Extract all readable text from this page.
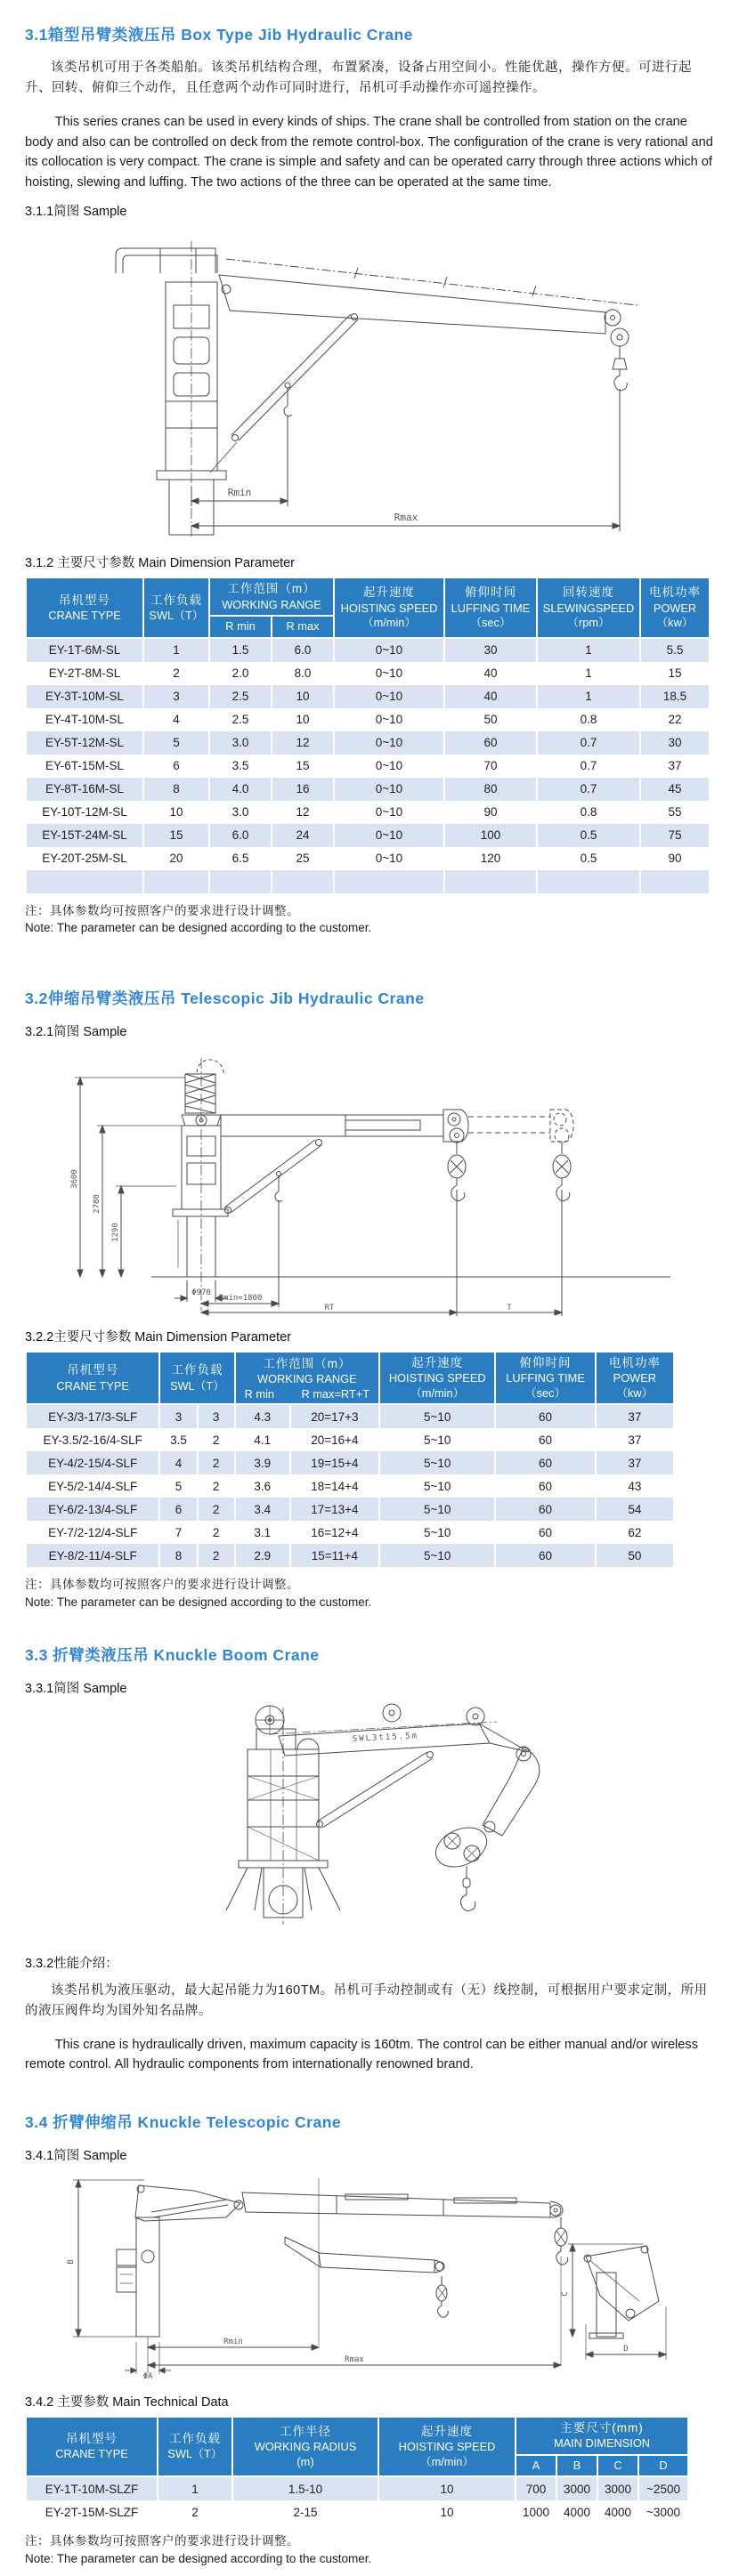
3.1箱型吊臂类液压吊 Box Type Jib Hydraulic Crane

该类吊机可用于各类船舶。该类吊机结构合理，布置紧凑，设备占用空间小。性能优越，操作方便。可进行起升、回转、俯仰三个动作，且任意两个动作可同时进行，吊机可手动操作亦可遥控操作。

This series cranes can be used in every kinds of ships. The crane shall be controlled from station on the crane body and also can be controlled on deck from the remote control-box. The configuration of the crane is very rational and its collocation is very compact. The crane is simple and safety and can be operated carry through three actions which of hoisting, slewing and luffing. The two actions of the three can be operated at the same time.

3.1.1简图 Sample
Rmin
Rmax
3.1.2 主要尺寸参数 Main Dimension Parameter
吊机型号
CRANE TYPE

工作负载
SWL（T）

工作范围（m）
WORKING RANGE

起升速度
HOISTING SPEED
（m/min）

俯仰时间
LUFFING TIME
（sec）

回转速度
SLEWINGSPEED
（rpm）

电机功率
POWER
（kw）

		R min	R max				

EY-1T-6M-SL	1	1.5	6.0	0~10	30	1	5.5
EY-2T-8M-SL	2	2.0	8.0	0~10	40	1	15
EY-3T-10M-SL	3	2.5	10	0~10	40	1	18.5
EY-4T-10M-SL	4	2.5	10	0~10	50	0.8	22
EY-5T-12M-SL	5	3.0	12	0~10	60	0.7	30
EY-6T-15M-SL	6	3.5	15	0~10	70	0.7	37
EY-8T-16M-SL	8	4.0	16	0~10	80	0.7	45
EY-10T-12M-SL	10	3.0	12	0~10	90	0.8	55
EY-15T-24M-SL	15	6.0	24	0~10	100	0.5	75
EY-20T-25M-SL	20	6.5	25	0~10	120	0.5	90

注：具体参数均可按照客户的要求进行设计调整。

Note: The parameter can be designed according to the customer.

3.2伸缩吊臂类液压吊 Telescopic Jib Hydraulic Crane
3.2.1简图 Sample
3600
2780
1290
Φ970
Rmin≈1800
RT	T
3.2.2主要尺寸参数 Main Dimension Parameter
吊机型号
CRANE TYPE

工作负载
SWL（T）

工作范围（m）
WORKING RANGE
R min R max=RT+T

起升速度
HOISTING SPEED
（m/min）

俯仰时间
LUFFING TIME
（sec）

电机功率
POWER
（kw）

EY-3/3-17/3-SLF	3	3	4.3	20=17+3	5~10	60	37
EY-3.5/2-16/4-SLF	3.5	2	4.1	20=16+4	5~10	60	37
EY-4/2-15/4-SLF	4	2	3.9	19=15+4	5~10	60	37
EY-5/2-14/4-SLF	5	2	3.6	18=14+4	5~10	60	43
EY-6/2-13/4-SLF	6	2	3.4	17=13+4	5~10	60	54
EY-7/2-12/4-SLF	7	2	3.1	16=12+4	5~10	60	62
EY-8/2-11/4-SLF	8	2	2.9	15=11+4	5~10	60	50

注：具体参数均可按照客户的要求进行设计调整。

Note: The parameter can be designed according to the customer.

3.3 折臂类液压吊 Knuckle Boom Crane
3.3.1简图 Sample
SWL3t15.5m
3.3.2性能介绍：

该类吊机为液压驱动，最大起吊能力为160TM。吊机可手动控制或有（无）线控制，可根据用户要求定制，所用的液压阀件均为国外知名品牌。

This crane is hydraulically driven, maximum capacity is 160tm. The control can be either manual and/or wireless remote control. All hydraulic components from internationally renowned brand.

3.4 折臂伸缩吊 Knuckle Telescopic Crane
3.4.1简图 Sample
B
C
D
ΦA
Rmin
Rmax
3.4.2 主要参数 Main Technical Data
吊机型号
CRANE TYPE

工作负载
SWL（T）

工作半径
WORKING RADIUS
(m)

起升速度
HOISTING SPEED
（m/min）

主要尺寸(mm)
MAIN DIMENSION

				A	B	C	D

EY-1T-10M-SLZF	1	1.5-10	10	700	3000	3000	~2500
EY-2T-15M-SLZF	2	2-15	10	1000	4000	4000	~3000

注：具体参数均可按照客户的要求进行设计调整。

Note: The parameter can be designed according to the customer.
